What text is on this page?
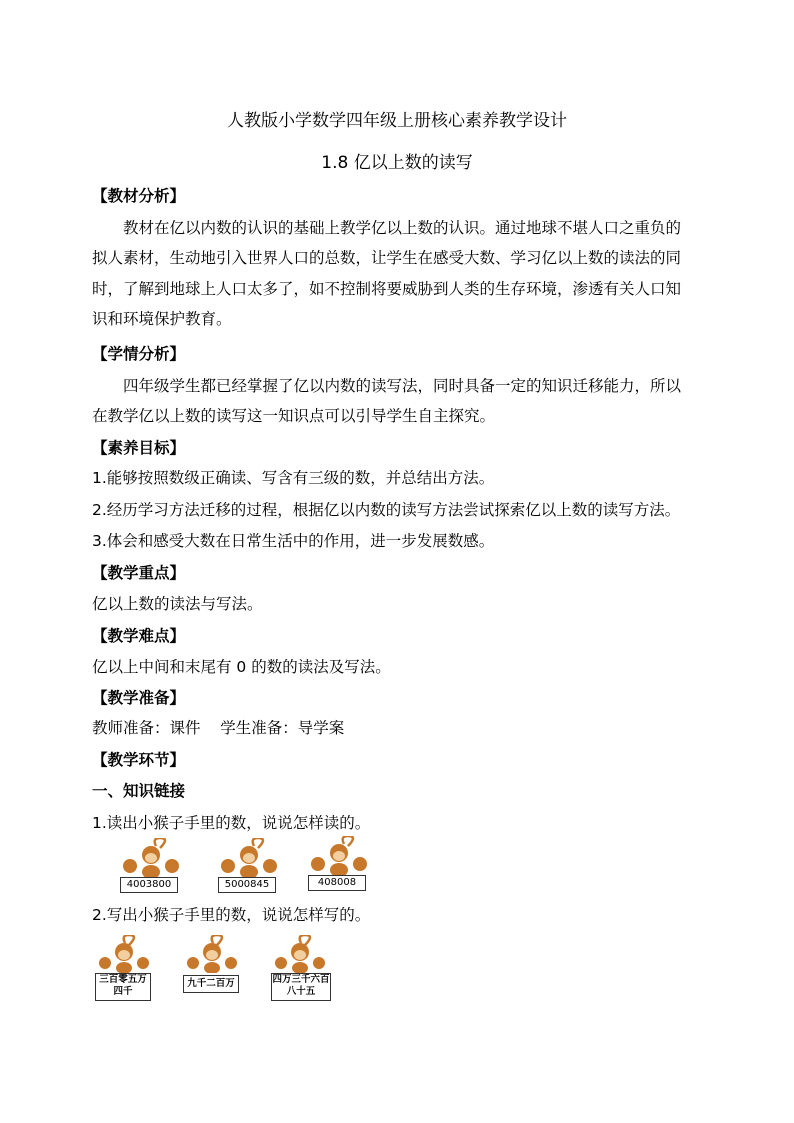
人教版小学数学四年级上册核心素养教学设计
1.8 亿以上数的读写
【教材分析】
教材在亿以内数的认识的基础上教学亿以上数的认识。通过地球不堪人口之重负的
拟人素材，生动地引入世界人口的总数，让学生在感受大数、学习亿以上数的读法的同
时，了解到地球上人口太多了，如不控制将要威胁到人类的生存环境，渗透有关人口知
识和环境保护教育。
【学情分析】
四年级学生都已经掌握了亿以内数的读写法，同时具备一定的知识迁移能力，所以
在教学亿以上数的读写这一知识点可以引导学生自主探究。
【素养目标】
1.能够按照数级正确读、写含有三级的数，并总结出方法。
2.经历学习方法迁移的过程，根据亿以内数的读写方法尝试探索亿以上数的读写方法。
3.体会和感受大数在日常生活中的作用，进一步发展数感。
【教学重点】
亿以上数的读法与写法。
【教学难点】
亿以上中间和末尾有 0 的数的读法及写法。
【教学准备】
教师准备：课件    学生准备：导学案
【教学环节】
一、知识链接
1.读出小猴子手里的数，说说怎样读的。
4003800	5000845	408008
2.写出小猴子手里的数，说说怎样写的。
三百零五万
四千
九千二百万	四万三千六百
八十五
